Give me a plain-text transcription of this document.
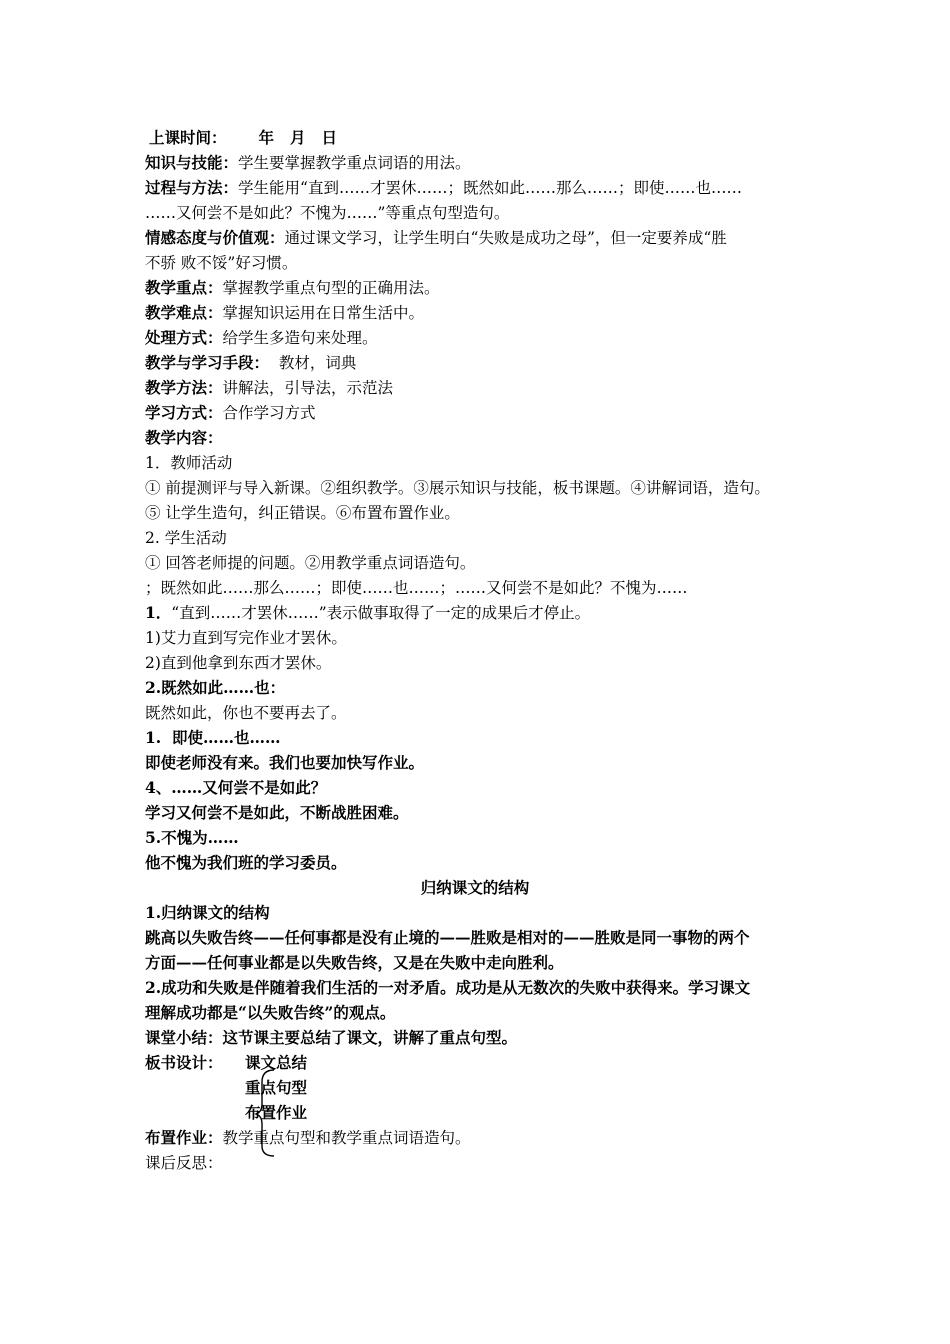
上课时间： 年 月 日
知识与技能：学生要掌握教学重点词语的用法。
过程与方法：学生能用“直到……才罢休……；既然如此……那么……；即使……也……
……又何尝不是如此？不愧为……”等重点句型造句。
情感态度与价值观：通过课文学习，让学生明白“失败是成功之母”，但一定要养成“胜
不骄 败不馁”好习惯。
教学重点：掌握教学重点句型的正确用法。
教学难点：掌握知识运用在日常生活中。
处理方式：给学生多造句来处理。
教学与学习手段：  教材，词典
教学方法：讲解法，引导法，示范法
学习方式：合作学习方式
教学内容：
1．教师活动
① 前提测评与导入新课。②组织教学。③展示知识与技能，板书课题。④讲解词语，造句。
⑤ 让学生造句，纠正错误。⑥布置布置作业。
2. 学生活动
① 回答老师提的问题。②用教学重点词语造句。
；既然如此……那么……；即使……也……；……又何尝不是如此？不愧为……
1．“直到……才罢休……”表示做事取得了一定的成果后才停止。
1)艾力直到写完作业才罢休。
2)直到他拿到东西才罢休。
2.既然如此……也：
既然如此，你也不要再去了。
1.  即使……也……
即使老师没有来。我们也要加快写作业。
4、……又何尝不是如此？
学习又何尝不是如此，不断战胜困难。
5.不愧为……
他不愧为我们班的学习委员。
归纳课文的结构
1.归纳课文的结构
跳高以失败告终——任何事都是没有止境的——胜败是相对的——胜败是同一事物的两个
方面——任何事业都是以失败告终，又是在失败中走向胜利。
2.成功和失败是伴随着我们生活的一对矛盾。成功是从无数次的失败中获得来。学习课文
理解成功都是“以失败告终”的观点。
课堂小结：这节课主要总结了课文，讲解了重点句型。
板书设计： 课文总结
重点句型
布置作业
布置作业：教学重点句型和教学重点词语造句。
课后反思：
